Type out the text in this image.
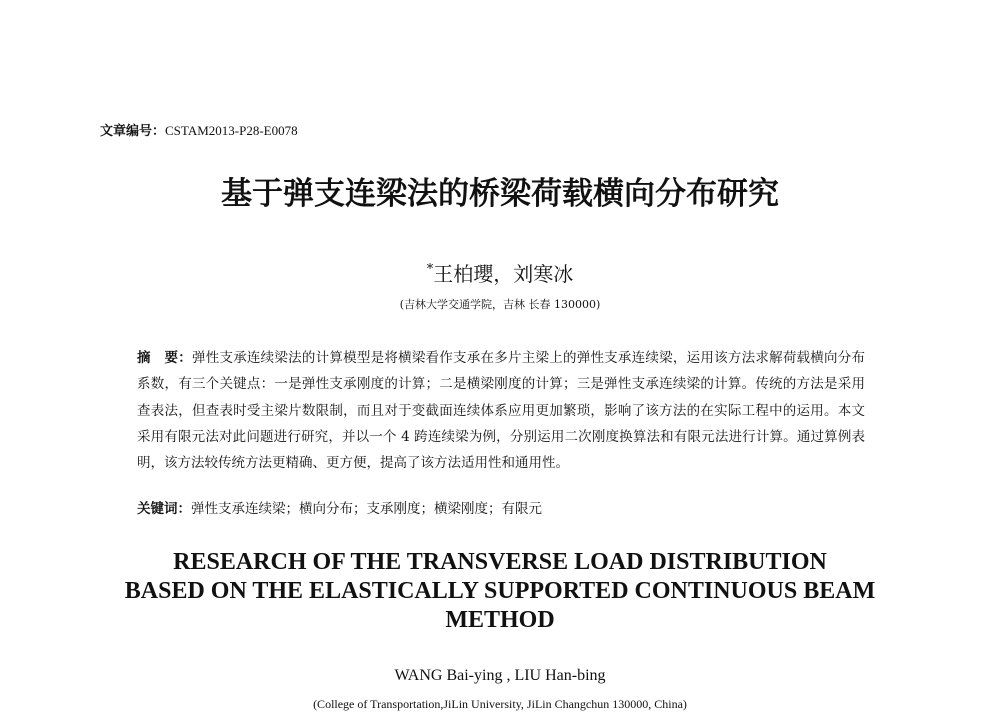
文章编号：CSTAM2013-P28-E0078
基于弹支连梁法的桥梁荷载横向分布研究
*王柏瓔，刘寒冰
(吉林大学交通学院，吉林 长春 130000)
摘　要：弹性支承连续梁法的计算模型是将横梁看作支承在多片主梁上的弹性支承连续梁，运用该方法求解荷载横向分布系数，有三个关键点：一是弹性支承刚度的计算；二是横梁刚度的计算；三是弹性支承连续梁的计算。传统的方法是采用查表法，但查表时受主梁片数限制，而且对于变截面连续体系应用更加繁琐，影响了该方法的在实际工程中的运用。本文采用有限元法对此问题进行研究，并以一个 4 跨连续梁为例，分别运用二次刚度换算法和有限元法进行计算。通过算例表明，该方法较传统方法更精确、更方便，提高了该方法适用性和通用性。
关键词：弹性支承连续梁；横向分布；支承刚度；横梁刚度；有限元
RESEARCH OF THE TRANSVERSE LOAD DISTRIBUTION
BASED ON THE ELASTICALLY SUPPORTED CONTINUOUS BEAM
METHOD
WANG Bai-ying , LIU Han-bing
(College of Transportation,JiLin University, JiLin Changchun 130000, China)
